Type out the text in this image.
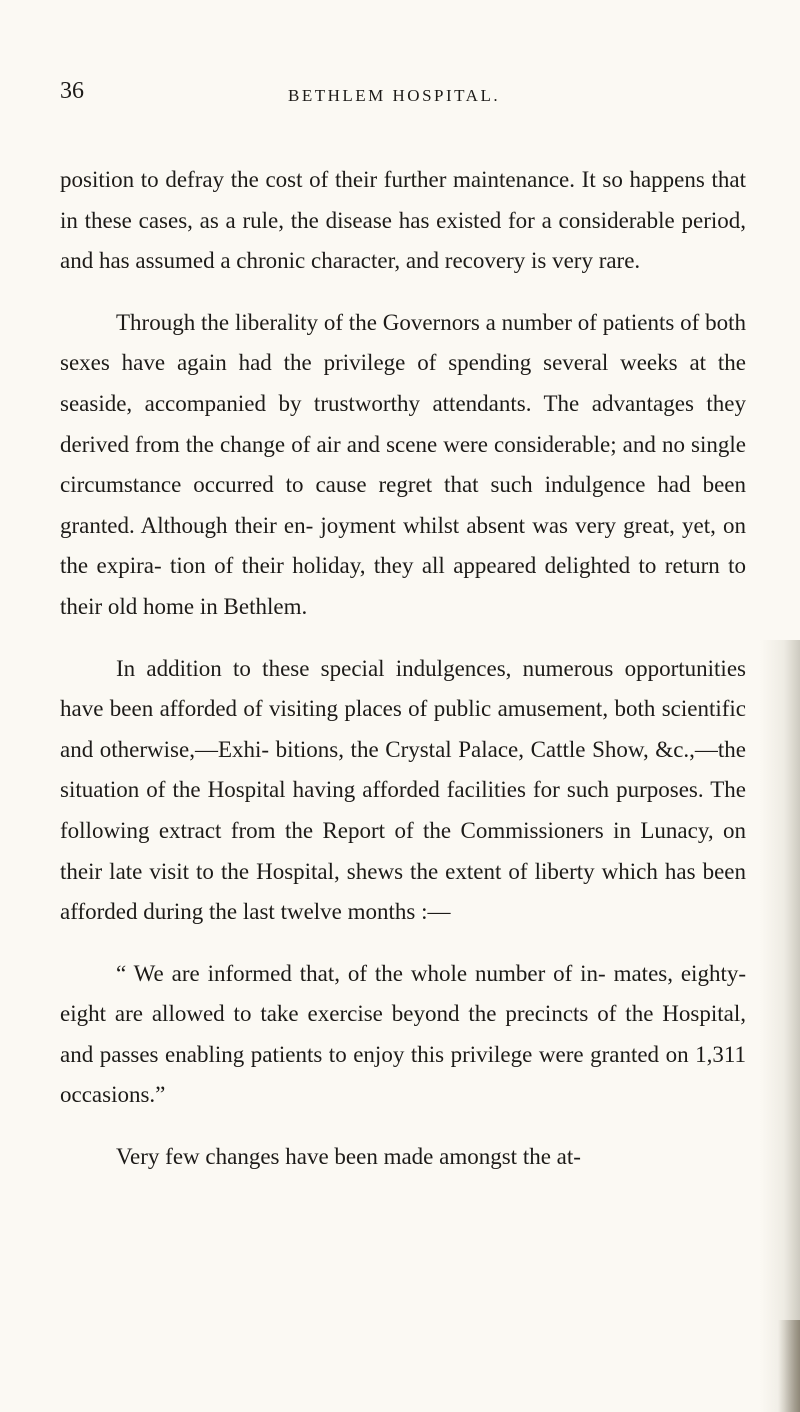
36	BETHLEM HOSPITAL.

position to defray the cost of their further maintenance. It so happens that in these cases, as a rule, the disease has existed for a considerable period, and has assumed a chronic character, and recovery is very rare.

Through the liberality of the Governors a number of patients of both sexes have again had the privilege of spending several weeks at the seaside, accompanied by trustworthy attendants. The advantages they derived from the change of air and scene were considerable; and no single circumstance occurred to cause regret that such indulgence had been granted. Although their en- joyment whilst absent was very great, yet, on the expira- tion of their holiday, they all appeared delighted to return to their old home in Bethlem.

In addition to these special indulgences, numerous opportunities have been afforded of visiting places of public amusement, both scientific and otherwise,—Exhi- bitions, the Crystal Palace, Cattle Show, &c.,—the situation of the Hospital having afforded facilities for such purposes. The following extract from the Report of the Commissioners in Lunacy, on their late visit to the Hospital, shews the extent of liberty which has been afforded during the last twelve months :—

“ We are informed that, of the whole number of in- mates, eighty-eight are allowed to take exercise beyond the precincts of the Hospital, and passes enabling patients to enjoy this privilege were granted on 1,311 occasions.”

Very few changes have been made amongst the at-
